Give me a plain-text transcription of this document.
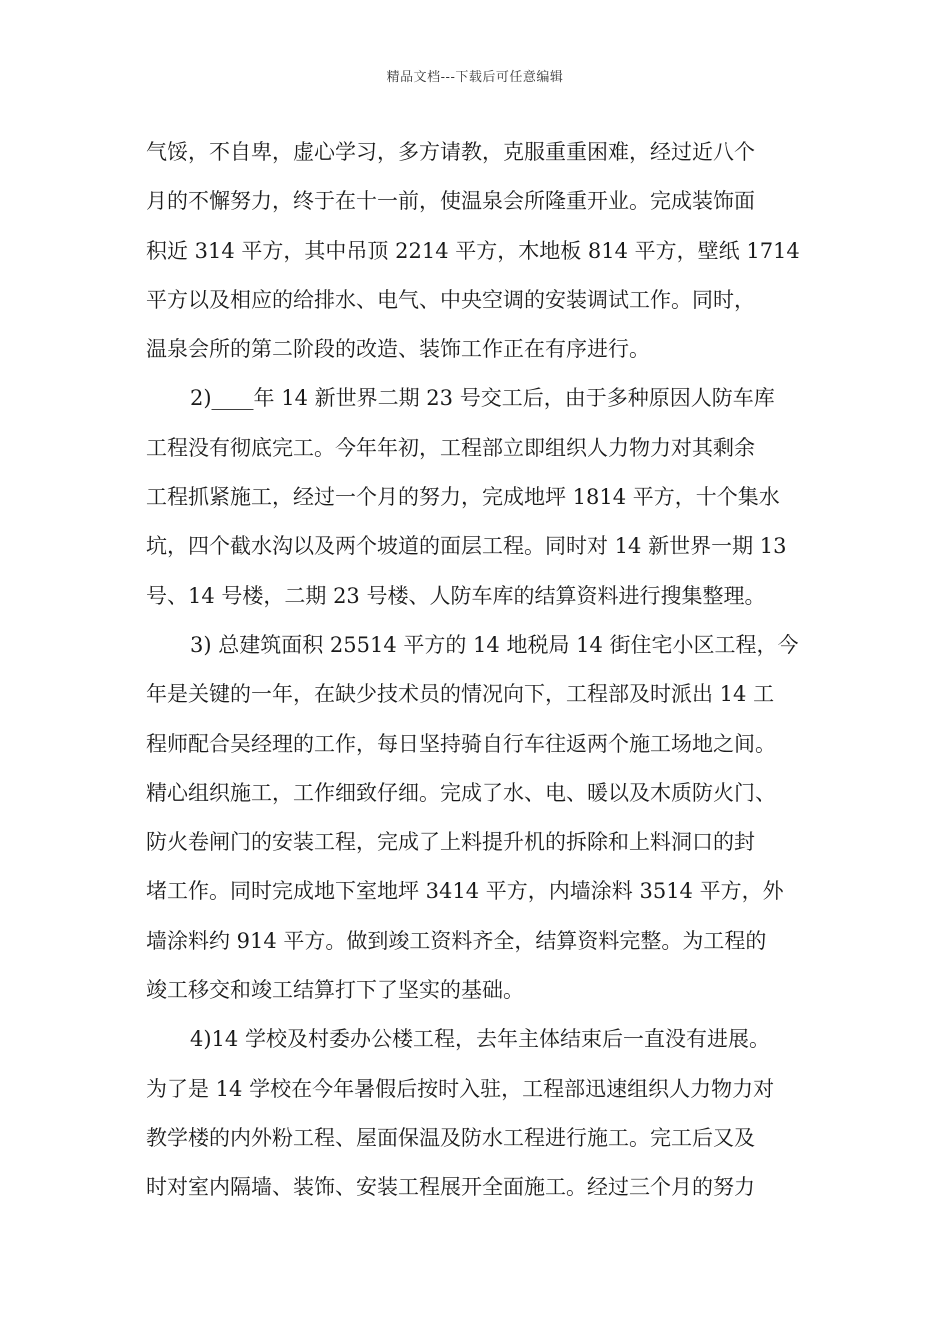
精品文档---下载后可任意编辑
气馁，不自卑，虚心学习，多方请教，克服重重困难，经过近八个
月的不懈努力，终于在十一前，使温泉会所隆重开业。完成装饰面
积近 314 平方，其中吊顶 2214 平方，木地板 814 平方，壁纸 1714
平方以及相应的给排水、电气、中央空调的安装调试工作。同时，
温泉会所的第二阶段的改造、装饰工作正在有序进行。
2)____年 14 新世界二期 23 号交工后，由于多种原因人防车库
工程没有彻底完工。今年年初，工程部立即组织人力物力对其剩余
工程抓紧施工，经过一个月的努力，完成地坪 1814 平方，十个集水
坑，四个截水沟以及两个坡道的面层工程。同时对 14 新世界一期 13
号、14 号楼，二期 23 号楼、人防车库的结算资料进行搜集整理。
3) 总建筑面积 25514 平方的 14 地税局 14 街住宅小区工程，今
年是关键的一年，在缺少技术员的情况向下，工程部及时派出 14 工
程师配合吴经理的工作，每日坚持骑自行车往返两个施工场地之间。
精心组织施工，工作细致仔细。完成了水、电、暖以及木质防火门、
防火卷闸门的安装工程，完成了上料提升机的拆除和上料洞口的封
堵工作。同时完成地下室地坪 3414 平方，内墙涂料 3514 平方，外
墙涂料约 914 平方。做到竣工资料齐全，结算资料完整。为工程的
竣工移交和竣工结算打下了坚实的基础。
4)14 学校及村委办公楼工程，去年主体结束后一直没有进展。
为了是 14 学校在今年暑假后按时入驻，工程部迅速组织人力物力对
教学楼的内外粉工程、屋面保温及防水工程进行施工。完工后又及
时对室内隔墙、装饰、安装工程展开全面施工。经过三个月的努力
